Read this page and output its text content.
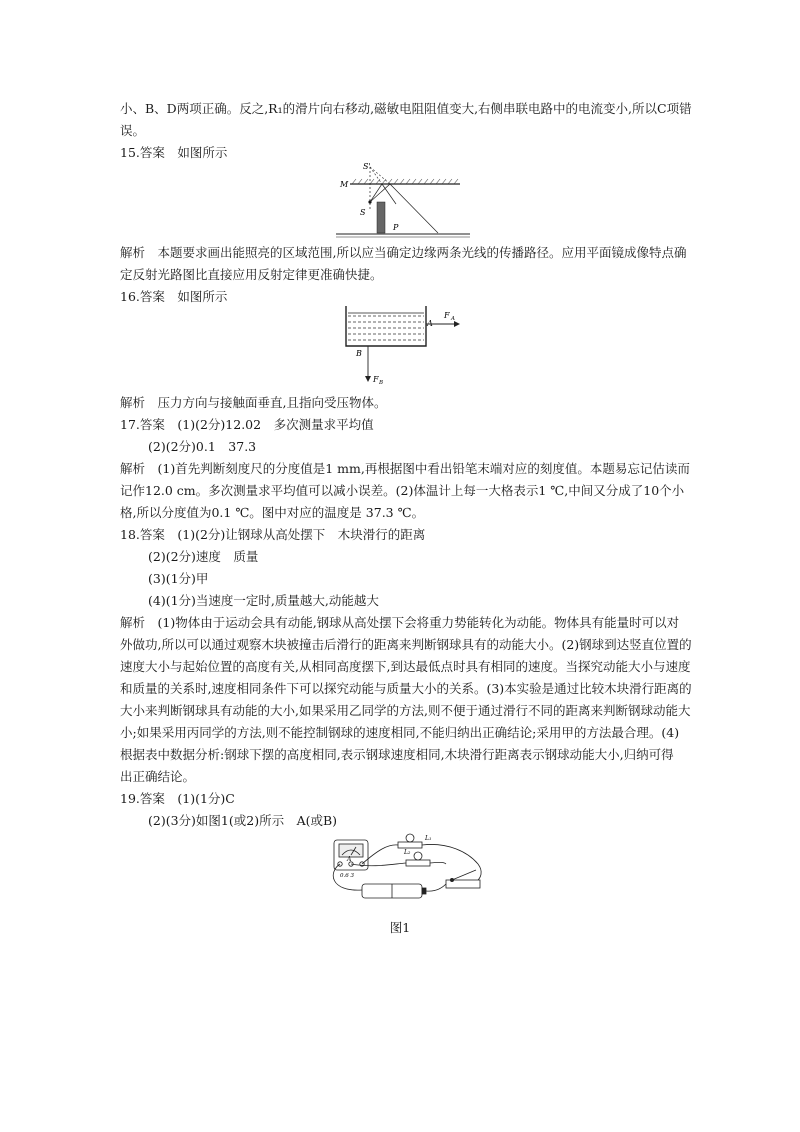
小、B、D两项正确。反之,R₁的滑片向右移动,磁敏电阻阻值变大,右侧串联电路中的电流变小,所以C项错
误。
15.答案　如图所示
S'
M
S
P
解析　本题要求画出能照亮的区域范围,所以应当确定边缘两条光线的传播路径。应用平面镜成像特点确
定反射光路图比直接应用反射定律更准确快捷。
16.答案　如图所示
A
F A
B
F B
解析　压力方向与接触面垂直,且指向受压物体。
17.答案　(1)(2分)12.02　多次测量求平均值
(2)(2分)0.1　37.3
解析　(1)首先判断刻度尺的分度值是1 mm,再根据图中看出铅笔末端对应的刻度值。本题易忘记估读而
记作12.0 cm。多次测量求平均值可以减小误差。(2)体温计上每一大格表示1 ℃,中间又分成了10个小
格,所以分度值为0.1 ℃。图中对应的温度是 37.3 ℃。
18.答案　(1)(2分)让钢球从高处摆下　木块滑行的距离
(2)(2分)速度　质量
(3)(1分)甲
(4)(1分)当速度一定时,质量越大,动能越大
解析　(1)物体由于运动会具有动能,钢球从高处摆下会将重力势能转化为动能。物体具有能量时可以对
外做功,所以可以通过观察木块被撞击后滑行的距离来判断钢球具有的动能大小。(2)钢球到达竖直位置的
速度大小与起始位置的高度有关,从相同高度摆下,到达最低点时具有相同的速度。当探究动能大小与速度
和质量的关系时,速度相同条件下可以探究动能与质量大小的关系。(3)本实验是通过比较木块滑行距离的
大小来判断钢球具有动能的大小,如果采用乙同学的方法,则不便于通过滑行不同的距离来判断钢球动能大
小;如果采用丙同学的方法,则不能控制钢球的速度相同,不能归纳出正确结论;采用甲的方法最合理。(4)
根据表中数据分析:钢球下摆的高度相同,表示钢球速度相同,木块滑行距离表示钢球动能大小,归纳可得
出正确结论。
19.答案　(1)(1分)C
(2)(3分)如图1(或2)所示　A(或B)
A
0.6 3
L₁
L₂
图1
